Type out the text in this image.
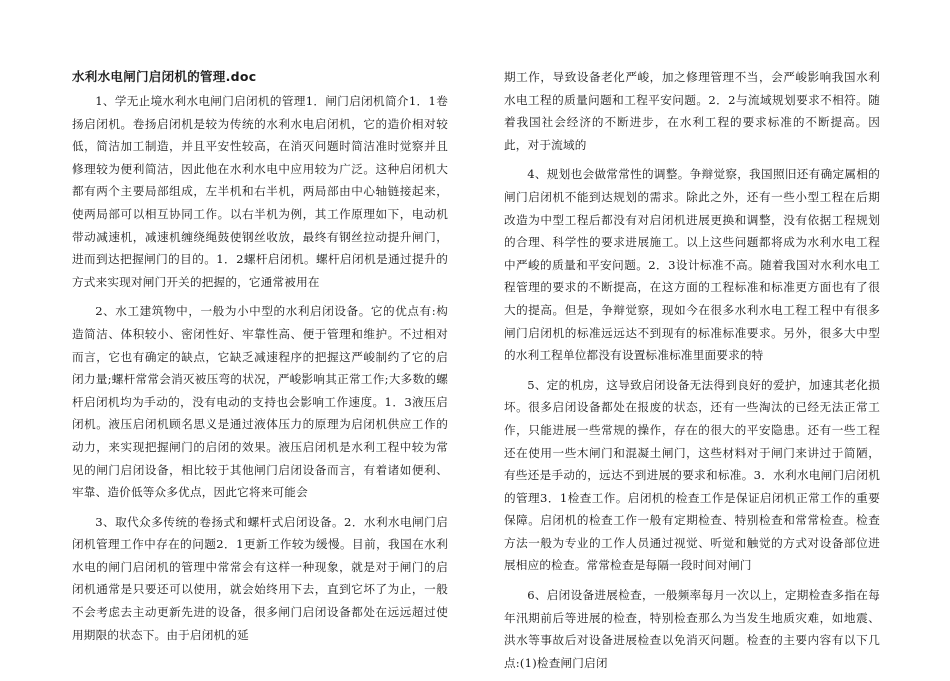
水利水电闸门启闭机的管理.doc

1、学无止境水利水电闸门启闭机的管理1．闸门启闭机简介1．1卷扬启闭机。卷扬启闭机是较为传统的水利水电启闭机，它的造价相对较低，简洁加工制造，并且平安性较高，在消灭问题时简洁准时觉察并且修理较为便利简洁，因此他在水利水电中应用较为广泛。这种启闭机大都有两个主要局部组成，左半机和右半机，两局部由中心轴链接起来，使两局部可以相互协同工作。以右半机为例，其工作原理如下，电动机带动减速机，减速机缠绕绳鼓使钢丝收放，最终有钢丝拉动提升闸门，进而到达把握闸门的目的。1．2螺杆启闭机。螺杆启闭机是通过提升的方式来实现对闸门开关的把握的，它通常被用在

2、水工建筑物中，一般为小中型的水利启闭设备。它的优点有:构造简洁、体积较小、密闭性好、牢靠性高、便于管理和维护。不过相对而言，它也有确定的缺点，它缺乏减速程序的把握这严峻制约了它的启闭力量;螺杆常常会消灭被压弯的状况，严峻影响其正常工作;大多数的螺杆启闭机均为手动的，没有电动的支持也会影响工作速度。1．3液压启闭机。液压启闭机顾名思义是通过液体压力的原理为启闭机供应工作的动力，来实现把握闸门的启闭的效果。液压启闭机是水利工程中较为常见的闸门启闭设备，相比较于其他闸门启闭设备而言，有着诸如便利、牢靠、造价低等众多优点，因此它将来可能会

3、取代众多传统的卷扬式和螺杆式启闭设备。2．水利水电闸门启闭机管理工作中存在的问题2．1更新工作较为缓慢。目前，我国在水利水电的闸门启闭机的管理中常常会有这样一种现象，就是对于闸门的启闭机通常是只要还可以使用，就会始终用下去，直到它坏了为止，一般不会考虑去主动更新先进的设备，很多闸门启闭设备都处在远远超过使用期限的状态下。由于启闭机的延

期工作，导致设备老化严峻，加之修理管理不当，会严峻影响我国水利水电工程的质量问题和工程平安问题。2．2与流域规划要求不相符。随着我国社会经济的不断进步，在水利工程的要求标准的不断提高。因此，对于流域的

4、规划也会做常常性的调整。争辩觉察，我国照旧还有确定属相的闸门启闭机不能到达规划的需求。除此之外，还有一些小型工程在后期改造为中型工程后都没有对启闭机进展更换和调整，没有依据工程规划的合理、科学性的要求进展施工。以上这些问题都将成为水利水电工程中严峻的质量和平安问题。2．3设计标准不高。随着我国对水利水电工程管理的要求的不断提高，在这方面的工程标准和标准更方面也有了很大的提高。但是，争辩觉察，现如今在很多水利水电工程工程中有很多闸门启闭机的标准远远达不到现有的标准标准要求。另外，很多大中型的水利工程单位都没有设置标准标准里面要求的特

5、定的机房，这导致启闭设备无法得到良好的爱护，加速其老化损坏。很多启闭设备都处在报废的状态，还有一些淘汰的已经无法正常工作，只能进展一些常规的操作，存在的很大的平安隐患。还有一些工程还在使用一些木闸门和混凝土闸门，这些材料对于闸门来讲过于简陋，有些还是手动的，远达不到进展的要求和标准。3．水利水电闸门启闭机的管理3．1检查工作。启闭机的检查工作是保证启闭机正常工作的重要保障。启闭机的检查工作一般有定期检查、特别检查和常常检查。检查方法一般为专业的工作人员通过视觉、听觉和触觉的方式对设备部位进展相应的检查。常常检查是每隔一段时间对闸门

6、启闭设备进展检查，一般频率每月一次以上，定期检查多指在每年汛期前后等进展的检查，特别检查那么为当发生地质灾难，如地震、洪水等事故后对设备进展检查以免消灭问题。检查的主要内容有以下几点:(1)检查闸门启闭
